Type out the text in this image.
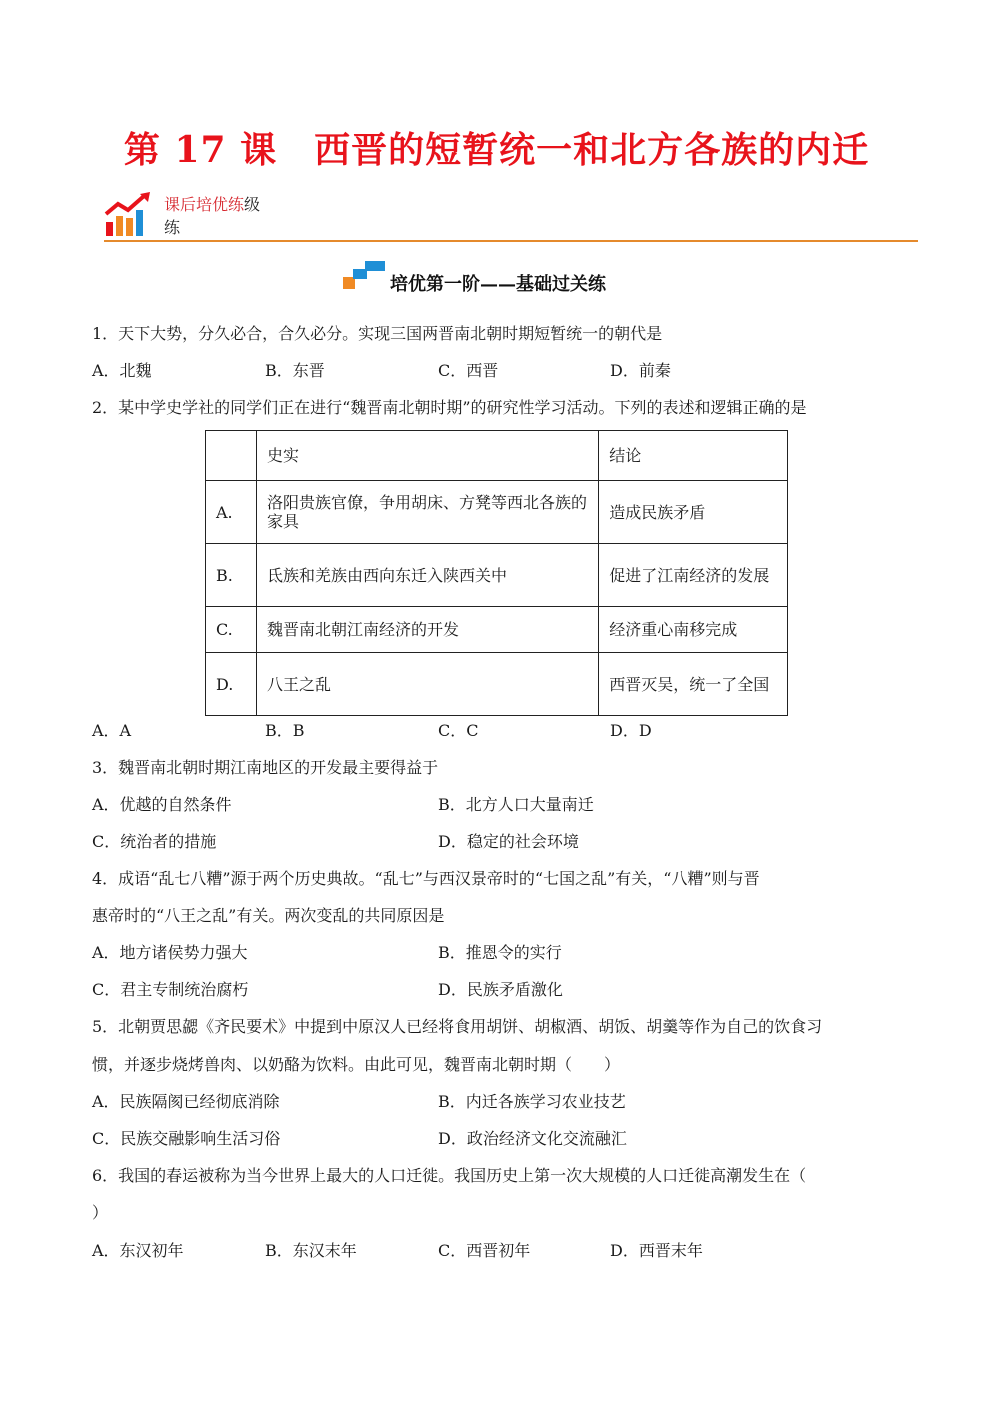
第 17 课　西晋的短暂统一和北方各族的内迁
课后培优练级
练
培优第一阶——基础过关练
1．天下大势，分久必合，合久必分。实现三国两晋南北朝时期短暂统一的朝代是
A．北魏	B．东晋	C．西晋	D．前秦
2．某中学史学社的同学们正在进行“魏晋南北朝时期”的研究性学习活动。下列的表述和逻辑正确的是
	史实	结论
A.	洛阳贵族官僚，争用胡床、方凳等西北各族的家具	造成民族矛盾
B.	氐族和羌族由西向东迁入陕西关中	促进了江南经济的发展
C.	魏晋南北朝江南经济的开发	经济重心南移完成
D.	八王之乱	西晋灭吴，统一了全国
A．A	B．B	C．C	D．D
3．魏晋南北朝时期江南地区的开发最主要得益于
A．优越的自然条件	B．北方人口大量南迁
C．统治者的措施	D．稳定的社会环境
4．成语“乱七八糟”源于两个历史典故。“乱七”与西汉景帝时的“七国之乱”有关，“八糟”则与晋
惠帝时的“八王之乱”有关。两次变乱的共同原因是
A．地方诸侯势力强大	B．推恩令的实行
C．君主专制统治腐朽	D．民族矛盾激化
5．北朝贾思勰《齐民要术》中提到中原汉人已经将食用胡饼、胡椒酒、胡饭、胡羹等作为自己的饮食习
惯，并逐步烧烤兽肉、以奶酪为饮料。由此可见，魏晋南北朝时期（　　）
A．民族隔阂已经彻底消除	B．内迁各族学习农业技艺
C．民族交融影响生活习俗	D．政治经济文化交流融汇
6．我国的春运被称为当今世界上最大的人口迁徙。我国历史上第一次大规模的人口迁徙高潮发生在（
）
A．东汉初年	B．东汉末年	C．西晋初年	D．西晋末年
